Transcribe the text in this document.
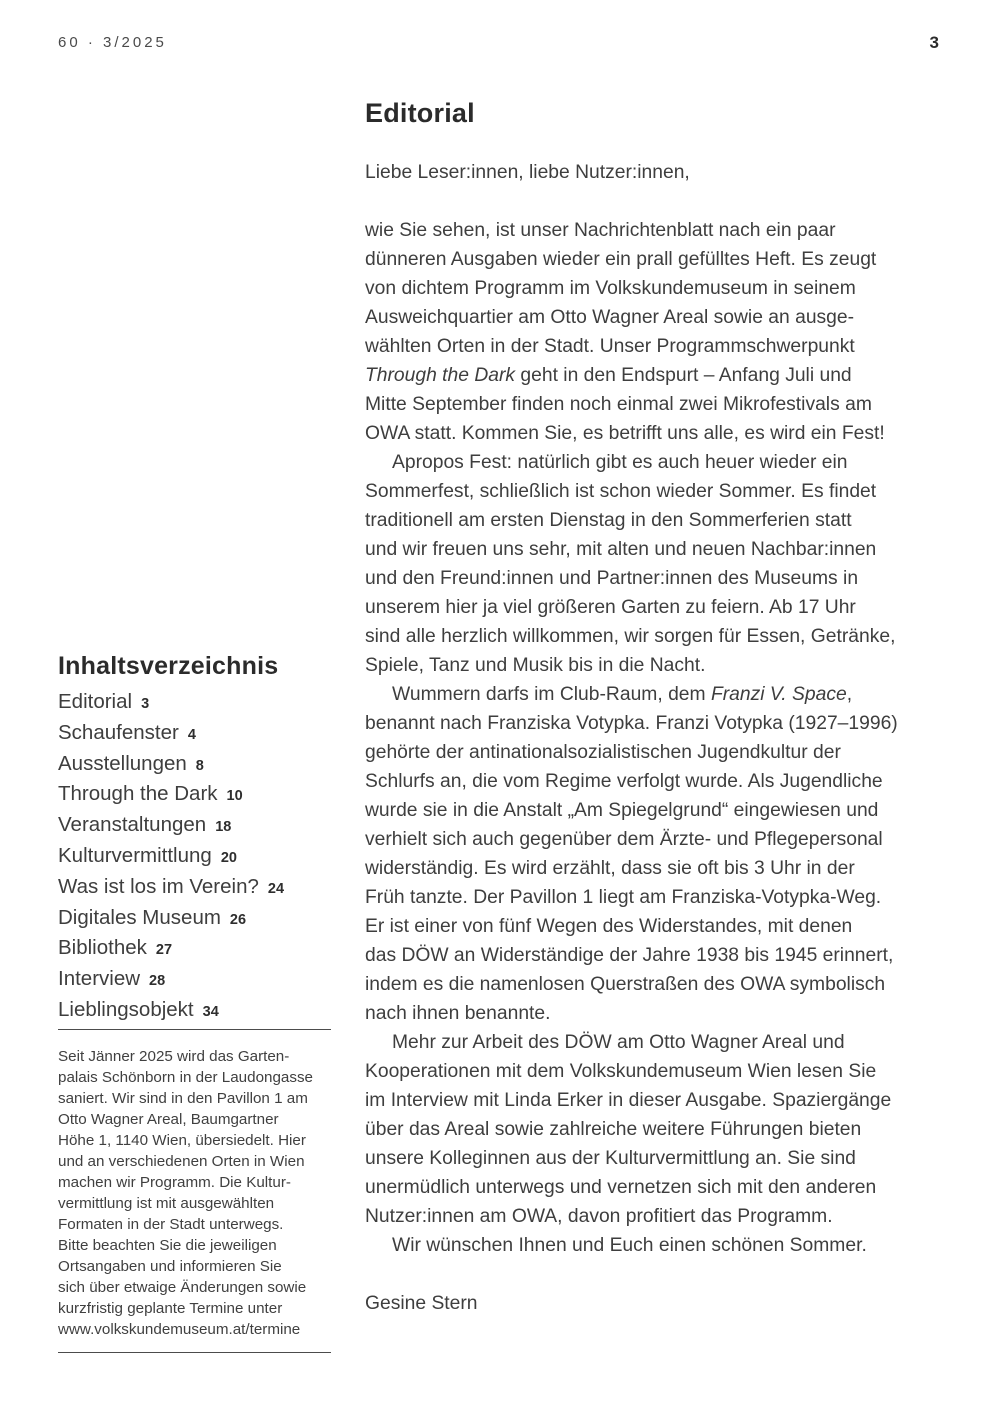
60 · 3/2025	3
Editorial

Liebe Leser:innen, liebe Nutzer:innen,

wie Sie sehen, ist unser Nachrichtenblatt nach ein paar
dünneren Ausgaben wieder ein prall gefülltes Heft. Es zeugt
von dichtem Programm im Volkskundemuseum in seinem
Ausweichquartier am Otto Wagner Areal sowie an ausge-
wählten Orten in der Stadt. Unser Programmschwerpunkt
Through the Dark geht in den Endspurt – Anfang Juli und
Mitte September finden noch einmal zwei Mikrofestivals am
OWA statt. Kommen Sie, es betrifft uns alle, es wird ein Fest!

Apropos Fest: natürlich gibt es auch heuer wieder ein
Sommerfest, schließlich ist schon wieder Sommer. Es findet
traditionell am ersten Dienstag in den Sommerferien statt
und wir freuen uns sehr, mit alten und neuen Nachbar:innen
und den Freund:innen und Partner:innen des Museums in
unserem hier ja viel größeren Garten zu feiern. Ab 17 Uhr
sind alle herzlich willkommen, wir sorgen für Essen, Getränke,
Spiele, Tanz und Musik bis in die Nacht.

Wummern darfs im Club-Raum, dem Franzi V. Space,
benannt nach Franziska Votypka. Franzi Votypka (1927–1996)
gehörte der antinationalsozialistischen Jugendkultur der
Schlurfs an, die vom Regime verfolgt wurde. Als Jugendliche
wurde sie in die Anstalt „Am Spiegelgrund“ eingewiesen und
verhielt sich auch gegenüber dem Ärzte- und Pflegepersonal
widerständig. Es wird erzählt, dass sie oft bis 3 Uhr in der
Früh tanzte. Der Pavillon 1 liegt am Franziska-Votypka-Weg.
Er ist einer von fünf Wegen des Widerstandes, mit denen
das DÖW an Widerständige der Jahre 1938 bis 1945 erinnert,
indem es die namenlosen Querstraßen des OWA symbolisch
nach ihnen benannte.

Mehr zur Arbeit des DÖW am Otto Wagner Areal und
Kooperationen mit dem Volkskundemuseum Wien lesen Sie
im Interview mit Linda Erker in dieser Ausgabe. Spaziergänge
über das Areal sowie zahlreiche weitere Führungen bieten
unsere Kolleginnen aus der Kulturvermittlung an. Sie sind
unermüdlich unterwegs und vernetzen sich mit den anderen
Nutzer:innen am OWA, davon profitiert das Programm.

Wir wünschen Ihnen und Euch einen schönen Sommer.

Gesine Stern

Inhaltsverzeichnis
Editorial 3
Schaufenster 4
Ausstellungen 8
Through the Dark 10
Veranstaltungen 18
Kulturvermittlung 20
Was ist los im Verein? 24
Digitales Museum 26
Bibliothek 27
Interview 28
Lieblingsobjekt 34

Seit Jänner 2025 wird das Garten-
palais Schönborn in der Laudongasse
saniert. Wir sind in den Pavillon 1 am
Otto Wagner Areal, Baumgartner
Höhe 1, 1140 Wien, übersiedelt. Hier
und an verschiedenen Orten in Wien
machen wir Programm. Die Kultur-
vermittlung ist mit ausgewählten
Formaten in der Stadt unterwegs.
Bitte beachten Sie die jeweiligen
Ortsangaben und informieren Sie
sich über etwaige Änderungen sowie
kurzfristig geplante Termine unter
www.volkskundemuseum.at/termine
